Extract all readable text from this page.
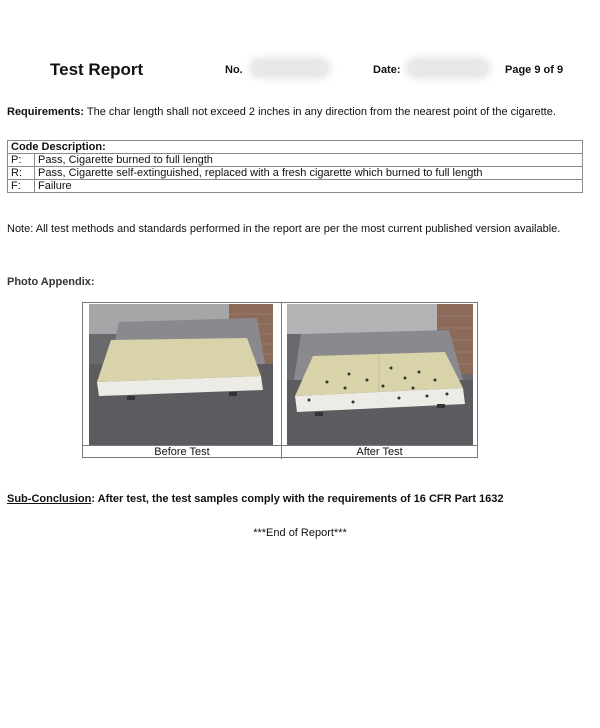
Test Report	No.	Date:	Page 9 of 9
Requirements: The char length shall not exceed 2 inches in any direction from the nearest point of the cigarette.
Code Description:	
P:	Pass, Cigarette burned to full length
R:	Pass, Cigarette self-extinguished, replaced with a fresh cigarette which burned to full length
F:	Failure
Note: All test methods and standards performed in the report are per the most current published version available.
Photo Appendix:
Before Test	After Test
Sub-Conclusion: After test, the test samples comply with the requirements of 16 CFR Part 1632
***End of Report***
